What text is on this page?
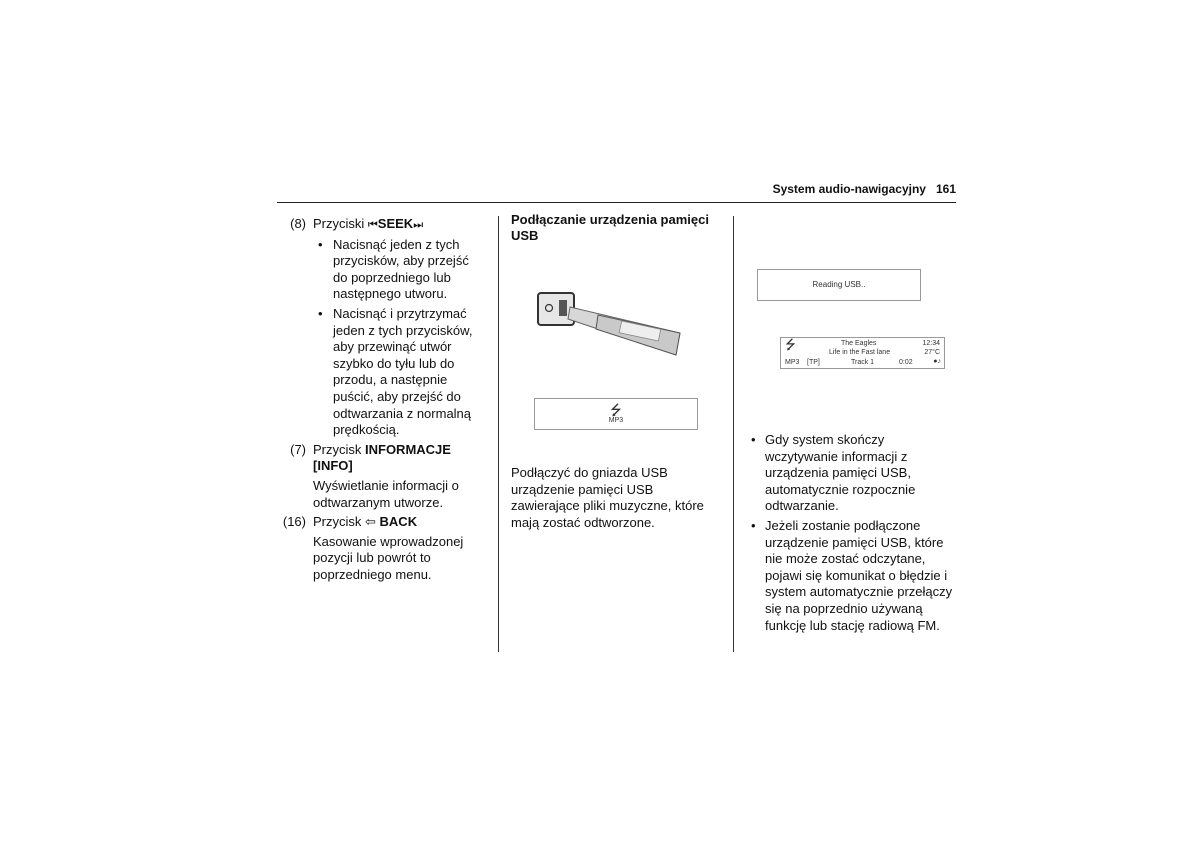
System audio-nawigacyjny 161
(8) Przyciski ⏮SEEK⏭
• Nacisnąć jeden z tych przycisków, aby przejść do poprzedniego lub następnego utworu.
• Nacisnąć i przytrzymać jeden z tych przycisków, aby przewinąć utwór szybko do tyłu lub do przodu, a następnie puścić, aby przejść do odtwarzania z normalną prędkością.
(7) Przycisk INFORMACJE [INFO]
Wyświetlanie informacji o odtwarzanym utworze.
(16) Przycisk ⇦ BACK
Kasowanie wprowadzonej pozycji lub powrót to poprzedniego menu.
Podłączanie urządzenia pamięci USB
⭍
MP3
Podłączyć do gniazda USB urządzenie pamięci USB zawierające pliki muzyczne, które mają zostać odtworzone.
Reading USB..
⭍	The Eagles	12:34
Life in the Fast lane	27°C
MP3 [TP]	Track 1	0:02	●♪
• Gdy system skończy wczytywanie informacji z urządzenia pamięci USB, automatycznie rozpocznie odtwarzanie.
• Jeżeli zostanie podłączone urządzenie pamięci USB, które nie może zostać odczytane, pojawi się komunikat o błędzie i system automatycznie przełączy się na poprzednio używaną funkcję lub stację radiową FM.
